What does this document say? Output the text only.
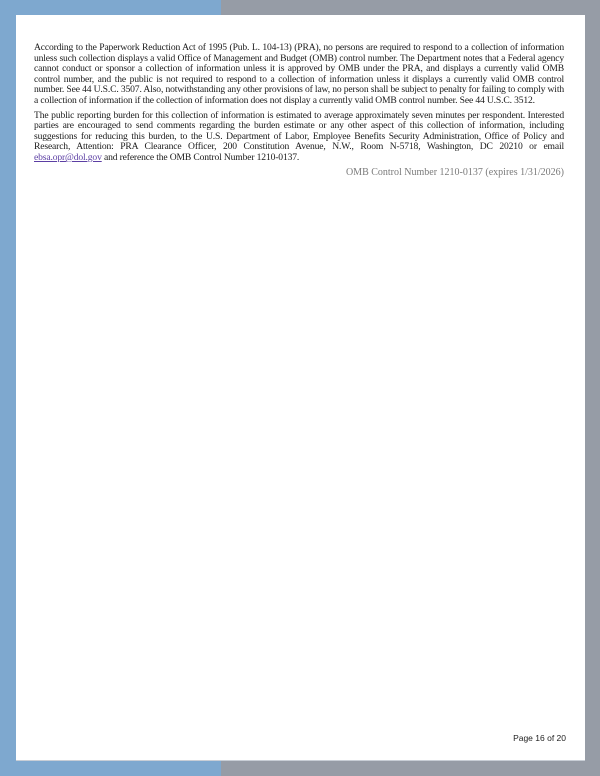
According to the Paperwork Reduction Act of 1995 (Pub. L. 104-13) (PRA), no persons are required to respond to a collection of information unless such collection displays a valid Office of Management and Budget (OMB) control number. The Department notes that a Federal agency cannot conduct or sponsor a collection of information unless it is approved by OMB under the PRA, and displays a currently valid OMB control number, and the public is not required to respond to a collection of information unless it displays a currently valid OMB control number. See 44 U.S.C. 3507. Also, notwithstanding any other provisions of law, no person shall be subject to penalty for failing to comply with a collection of information if the collection of information does not display a currently valid OMB control number. See 44 U.S.C. 3512.

The public reporting burden for this collection of information is estimated to average approximately seven minutes per respondent. Interested parties are encouraged to send comments regarding the burden estimate or any other aspect of this collection of information, including suggestions for reducing this burden, to the U.S. Department of Labor, Employee Benefits Security Administration, Office of Policy and Research, Attention: PRA Clearance Officer, 200 Constitution Avenue, N.W., Room N-5718, Washington, DC 20210 or email ebsa.opr@dol.gov and reference the OMB Control Number 1210-0137.

OMB Control Number 1210-0137 (expires 1/31/2026)
Page 16 of 20
